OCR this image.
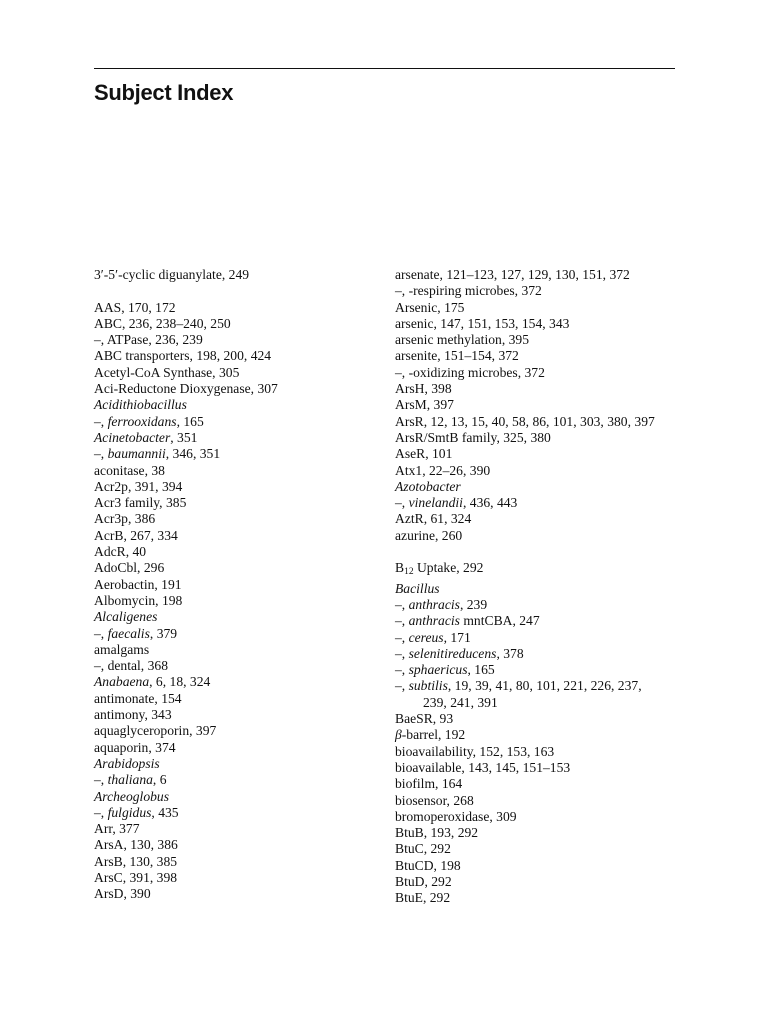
Subject Index
3′-5′-cyclic diguanylate, 249
AAS, 170, 172
ABC, 236, 238–240, 250
–, ATPase, 236, 239
ABC transporters, 198, 200, 424
Acetyl-CoA Synthase, 305
Aci-Reductone Dioxygenase, 307
Acidithiobacillus
–, ferrooxidans, 165
Acinetobacter, 351
–, baumannii, 346, 351
aconitase, 38
Acr2p, 391, 394
Acr3 family, 385
Acr3p, 386
AcrB, 267, 334
AdcR, 40
AdoCbl, 296
Aerobactin, 191
Albomycin, 198
Alcaligenes
–, faecalis, 379
amalgams
–, dental, 368
Anabaena, 6, 18, 324
antimonate, 154
antimony, 343
aquaglyceroporin, 397
aquaporin, 374
Arabidopsis
–, thaliana, 6
Archeoglobus
–, fulgidus, 435
Arr, 377
ArsA, 130, 386
ArsB, 130, 385
ArsC, 391, 398
ArsD, 390
arsenate, 121–123, 127, 129, 130, 151, 372
–, -respiring microbes, 372
Arsenic, 175
arsenic, 147, 151, 153, 154, 343
arsenic methylation, 395
arsenite, 151–154, 372
–, -oxidizing microbes, 372
ArsH, 398
ArsM, 397
ArsR, 12, 13, 15, 40, 58, 86, 101, 303, 380, 397
ArsR/SmtB family, 325, 380
AseR, 101
Atx1, 22–26, 390
Azotobacter
–, vinelandii, 436, 443
AztR, 61, 324
azurine, 260
$B_{12}$ Uptake, 292
Bacillus
–, anthracis, 239
–, anthracis mntCBA, 247
–, cereus, 171
–, selenitireducens, 378
–, sphaericus, 165
–, subtilis, 19, 39, 41, 80, 101, 221, 226, 237,
239, 241, 391
BaeSR, 93
β-barrel, 192
bioavailability, 152, 153, 163
bioavailable, 143, 145, 151–153
biofilm, 164
biosensor, 268
bromoperoxidase, 309
BtuB, 193, 292
BtuC, 292
BtuCD, 198
BtuD, 292
BtuE, 292
